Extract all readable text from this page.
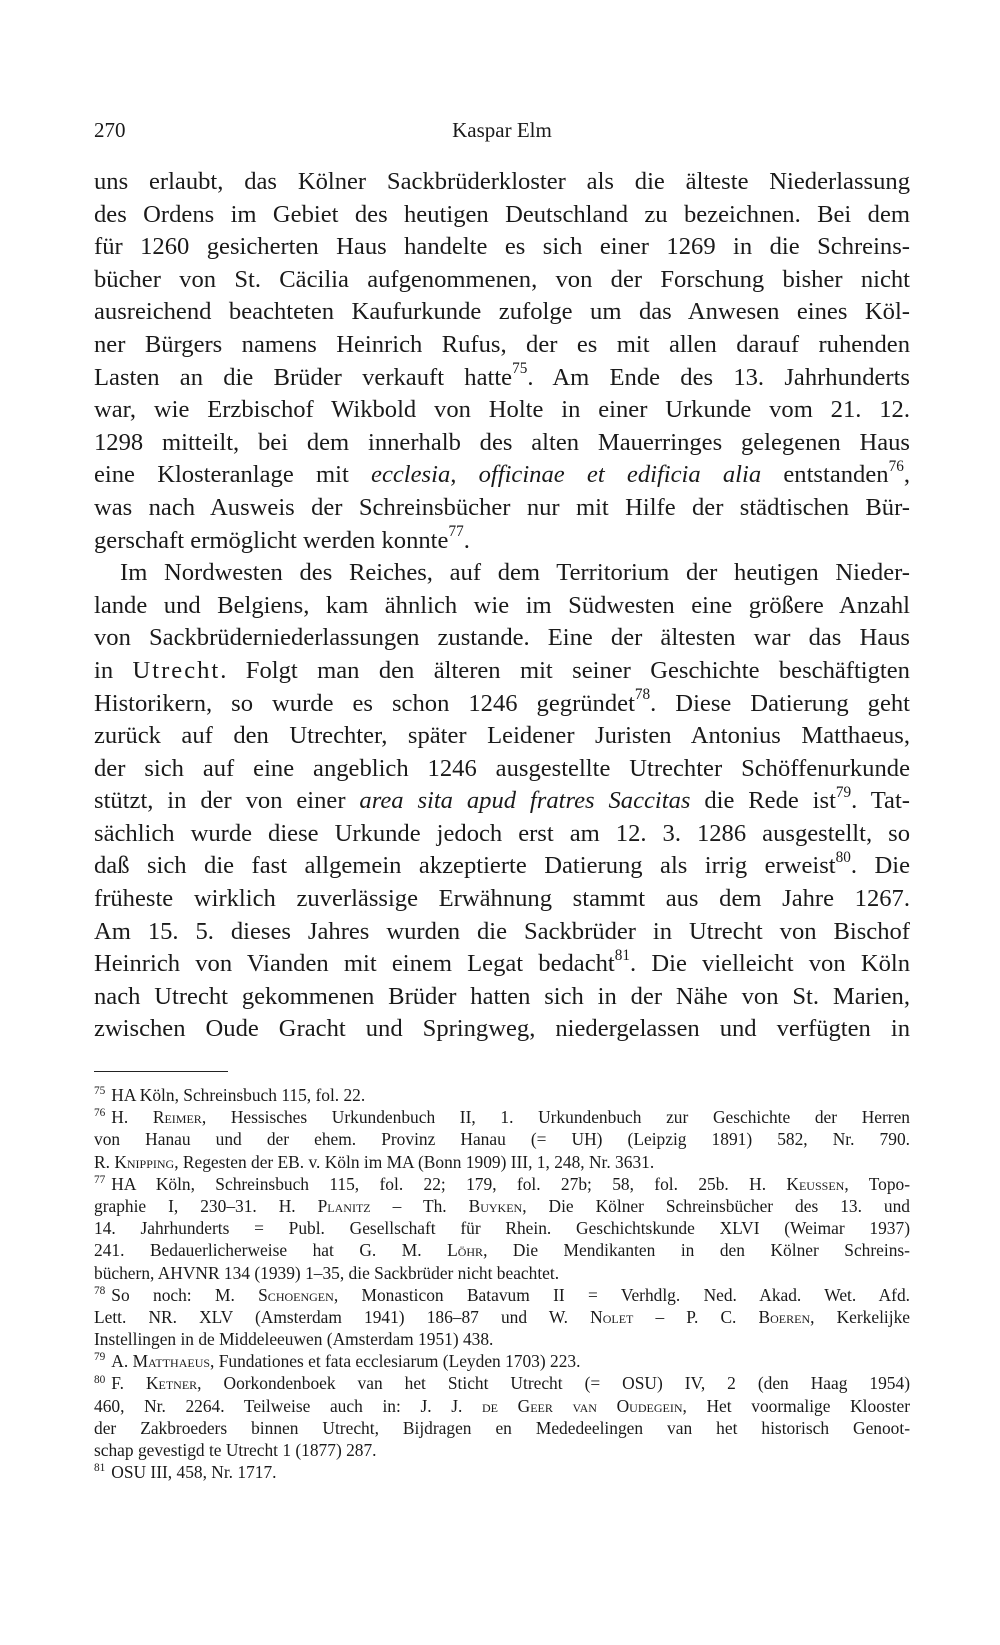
270	Kaspar Elm
uns erlaubt, das Kölner Sackbrüderkloster als die älteste Niederlassung
des Ordens im Gebiet des heutigen Deutschland zu bezeichnen. Bei dem
für 1260 gesicherten Haus handelte es sich einer 1269 in die Schreins-
bücher von St. Cäcilia aufgenommenen, von der Forschung bisher nicht
ausreichend beachteten Kaufurkunde zufolge um das Anwesen eines Köl-
ner Bürgers namens Heinrich Rufus, der es mit allen darauf ruhenden
Lasten an die Brüder verkauft hatte$^{75}$. Am Ende des 13. Jahrhunderts
war, wie Erzbischof Wikbold von Holte in einer Urkunde vom 21. 12.
1298 mitteilt, bei dem innerhalb des alten Mauerringes gelegenen Haus
eine Klosteranlage mit ecclesia, officinae et edificia alia entstanden$^{76}$,
was nach Ausweis der Schreinsbücher nur mit Hilfe der städtischen Bür-
gerschaft ermöglicht werden konnte$^{77}$.
Im Nordwesten des Reiches, auf dem Territorium der heutigen Nieder-
lande und Belgiens, kam ähnlich wie im Südwesten eine größere Anzahl
von Sackbrüderniederlassungen zustande. Eine der ältesten war das Haus
in Utrecht. Folgt man den älteren mit seiner Geschichte beschäftigten
Historikern, so wurde es schon 1246 gegründet$^{78}$. Diese Datierung geht
zurück auf den Utrechter, später Leidener Juristen Antonius Matthaeus,
der sich auf eine angeblich 1246 ausgestellte Utrechter Schöffenurkunde
stützt, in der von einer area sita apud fratres Saccitas die Rede ist$^{79}$. Tat-
sächlich wurde diese Urkunde jedoch erst am 12. 3. 1286 ausgestellt, so
daß sich die fast allgemein akzeptierte Datierung als irrig erweist$^{80}$. Die
früheste wirklich zuverlässige Erwähnung stammt aus dem Jahre 1267.
Am 15. 5. dieses Jahres wurden die Sackbrüder in Utrecht von Bischof
Heinrich von Vianden mit einem Legat bedacht$^{81}$. Die vielleicht von Köln
nach Utrecht gekommenen Brüder hatten sich in der Nähe von St. Marien,
zwischen Oude Gracht und Springweg, niedergelassen und verfügten in
$^{75}$ HA Köln, Schreinsbuch 115, fol. 22.
$^{76}$ H. Reimer, Hessisches Urkundenbuch II, 1. Urkundenbuch zur Geschichte der Herren
von Hanau und der ehem. Provinz Hanau (= UH) (Leipzig 1891) 582, Nr. 790.
R. Knipping, Regesten der EB. v. Köln im MA (Bonn 1909) III, 1, 248, Nr. 3631.
$^{77}$ HA Köln, Schreinsbuch 115, fol. 22; 179, fol. 27b; 58, fol. 25b. H. Keussen, Topo-
graphie I, 230–31. H. Planitz – Th. Buyken, Die Kölner Schreinsbücher des 13. und
14. Jahrhunderts = Publ. Gesellschaft für Rhein. Geschichtskunde XLVI (Weimar 1937)
241. Bedauerlicherweise hat G. M. Löhr, Die Mendikanten in den Kölner Schreins-
büchern, AHVNR 134 (1939) 1–35, die Sackbrüder nicht beachtet.
$^{78}$ So noch: M. Schoengen, Monasticon Batavum II = Verhdlg. Ned. Akad. Wet. Afd.
Lett. NR. XLV (Amsterdam 1941) 186–87 und W. Nolet – P. C. Boeren, Kerkelijke
Instellingen in de Middeleeuwen (Amsterdam 1951) 438.
$^{79}$ A. Matthaeus, Fundationes et fata ecclesiarum (Leyden 1703) 223.
$^{80}$ F. Ketner, Oorkondenboek van het Sticht Utrecht (= OSU) IV, 2 (den Haag 1954)
460, Nr. 2264. Teilweise auch in: J. J. de Geer van Oudegein, Het voormalige Klooster
der Zakbroeders binnen Utrecht, Bijdragen en Mededeelingen van het historisch Genoot-
schap gevestigd te Utrecht 1 (1877) 287.
$^{81}$ OSU III, 458, Nr. 1717.
